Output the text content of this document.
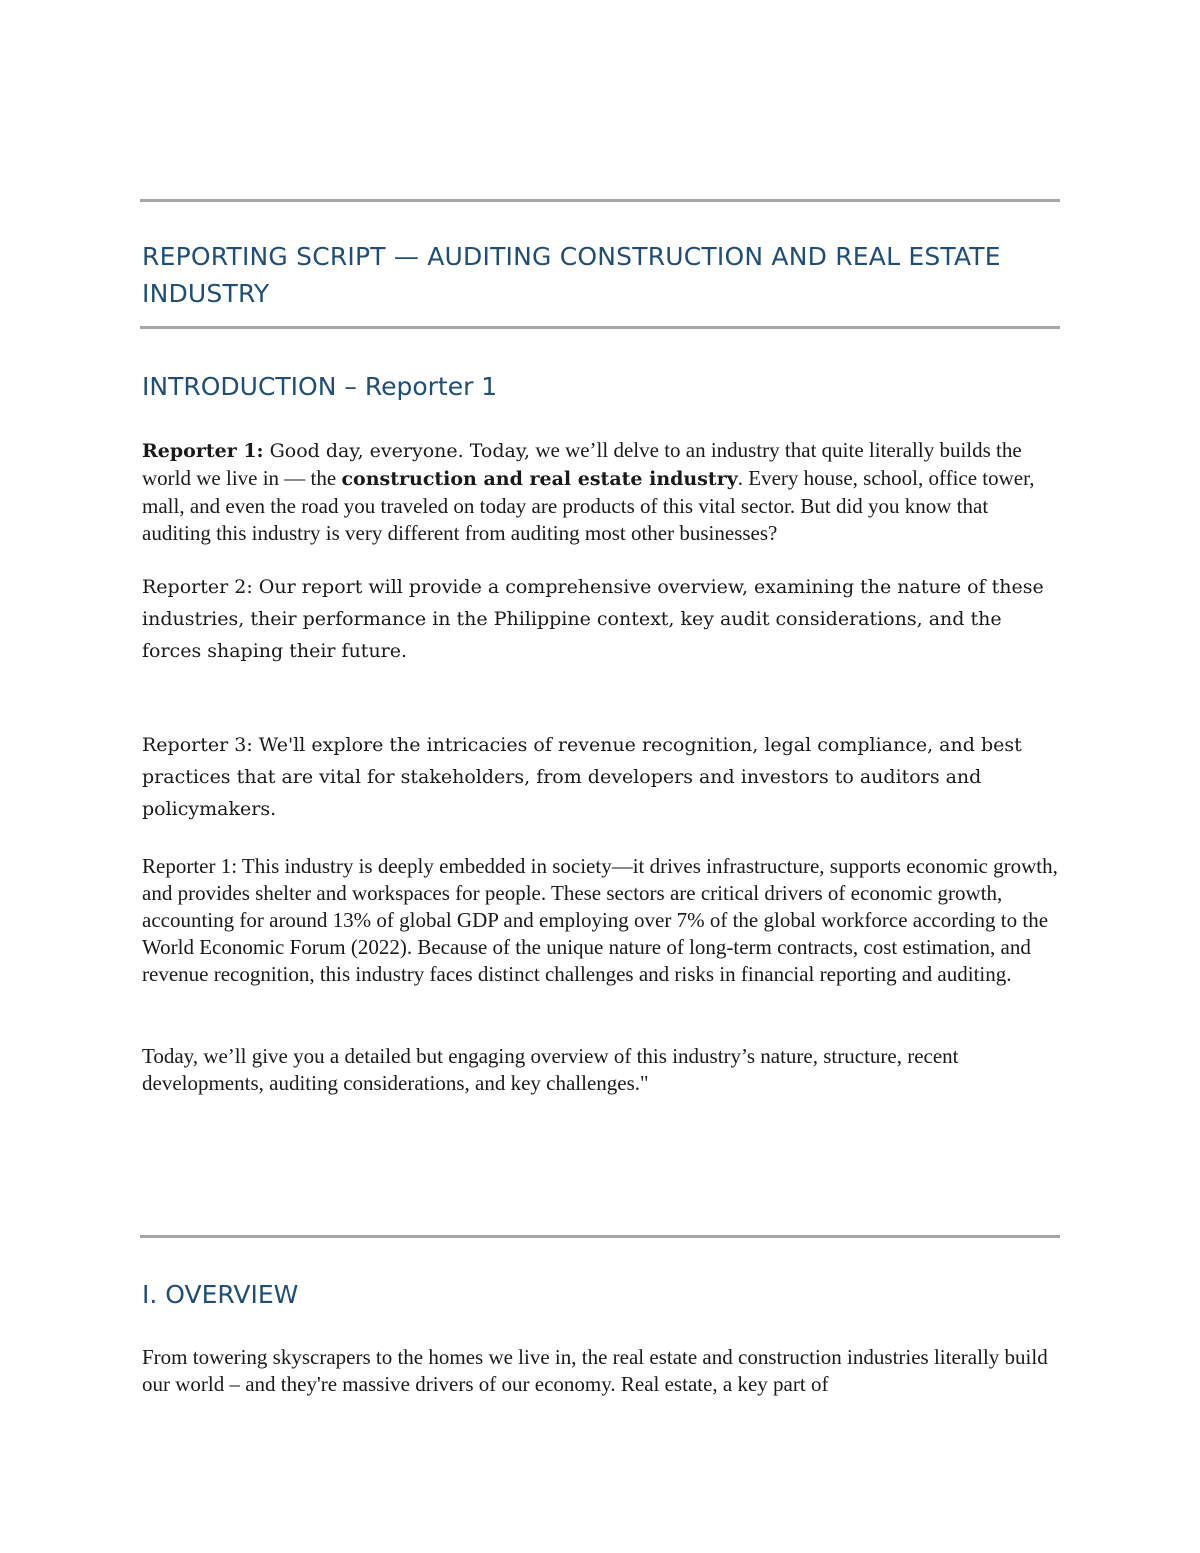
REPORTING SCRIPT — AUDITING CONSTRUCTION AND REAL ESTATE INDUSTRY
INTRODUCTION – Reporter 1

Reporter 1: Good day, everyone. Today, we we’ll delve to an industry that quite literally builds the world we live in — the construction and real estate industry. Every house, school, office tower, mall, and even the road you traveled on today are products of this vital sector. But did you know that auditing this industry is very different from auditing most other businesses?

Reporter 2: Our report will provide a comprehensive overview, examining the nature of these industries, their performance in the Philippine context, key audit considerations, and the forces shaping their future.

Reporter 3: We'll explore the intricacies of revenue recognition, legal compliance, and best practices that are vital for stakeholders, from developers and investors to auditors and policymakers.

Reporter 1: This industry is deeply embedded in society—it drives infrastructure, supports economic growth, and provides shelter and workspaces for people. These sectors are critical drivers of economic growth, accounting for around 13% of global GDP and employing over 7% of the global workforce according to the World Economic Forum (2022). Because of the unique nature of long-term contracts, cost estimation, and revenue recognition, this industry faces distinct challenges and risks in financial reporting and auditing.

Today, we’ll give you a detailed but engaging overview of this industry’s nature, structure, recent developments, auditing considerations, and key challenges."

I. OVERVIEW

From towering skyscrapers to the homes we live in, the real estate and construction industries literally build our world – and they're massive drivers of our economy. Real estate, a key part of
